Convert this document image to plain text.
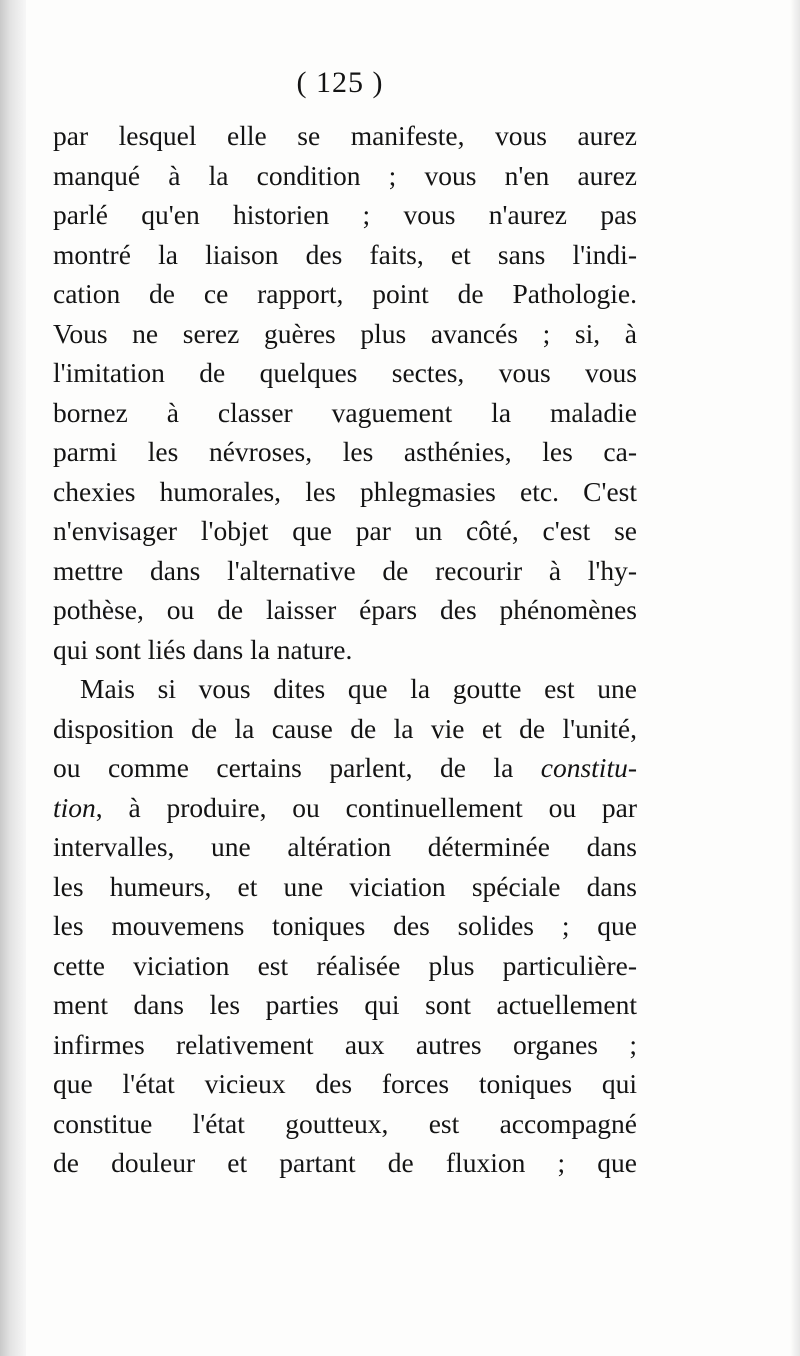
( 125 )
par lesquel elle se manifeste, vous aurez
manqué à la condition ; vous n'en aurez
parlé qu'en historien ; vous n'aurez pas
montré la liaison des faits, et sans l'indi-
cation de ce rapport, point de Pathologie.
Vous ne serez guères plus avancés ; si, à
l'imitation de quelques sectes, vous vous
bornez à classer vaguement la maladie
parmi les névroses, les asthénies, les ca-
chexies humorales, les phlegmasies etc. C'est
n'envisager l'objet que par un côté, c'est se
mettre dans l'alternative de recourir à l'hy-
pothèse, ou de laisser épars des phénomènes
qui sont liés dans la nature.
Mais si vous dites que la goutte est une
disposition de la cause de la vie et de l'unité,
ou comme certains parlent, de la constitu-
tion, à produire, ou continuellement ou par
intervalles, une altération déterminée dans
les humeurs, et une viciation spéciale dans
les mouvemens toniques des solides ; que
cette viciation est réalisée plus particulière-
ment dans les parties qui sont actuellement
infirmes relativement aux autres organes ;
que l'état vicieux des forces toniques qui
constitue l'état goutteux, est accompagné
de douleur et partant de fluxion ; que
